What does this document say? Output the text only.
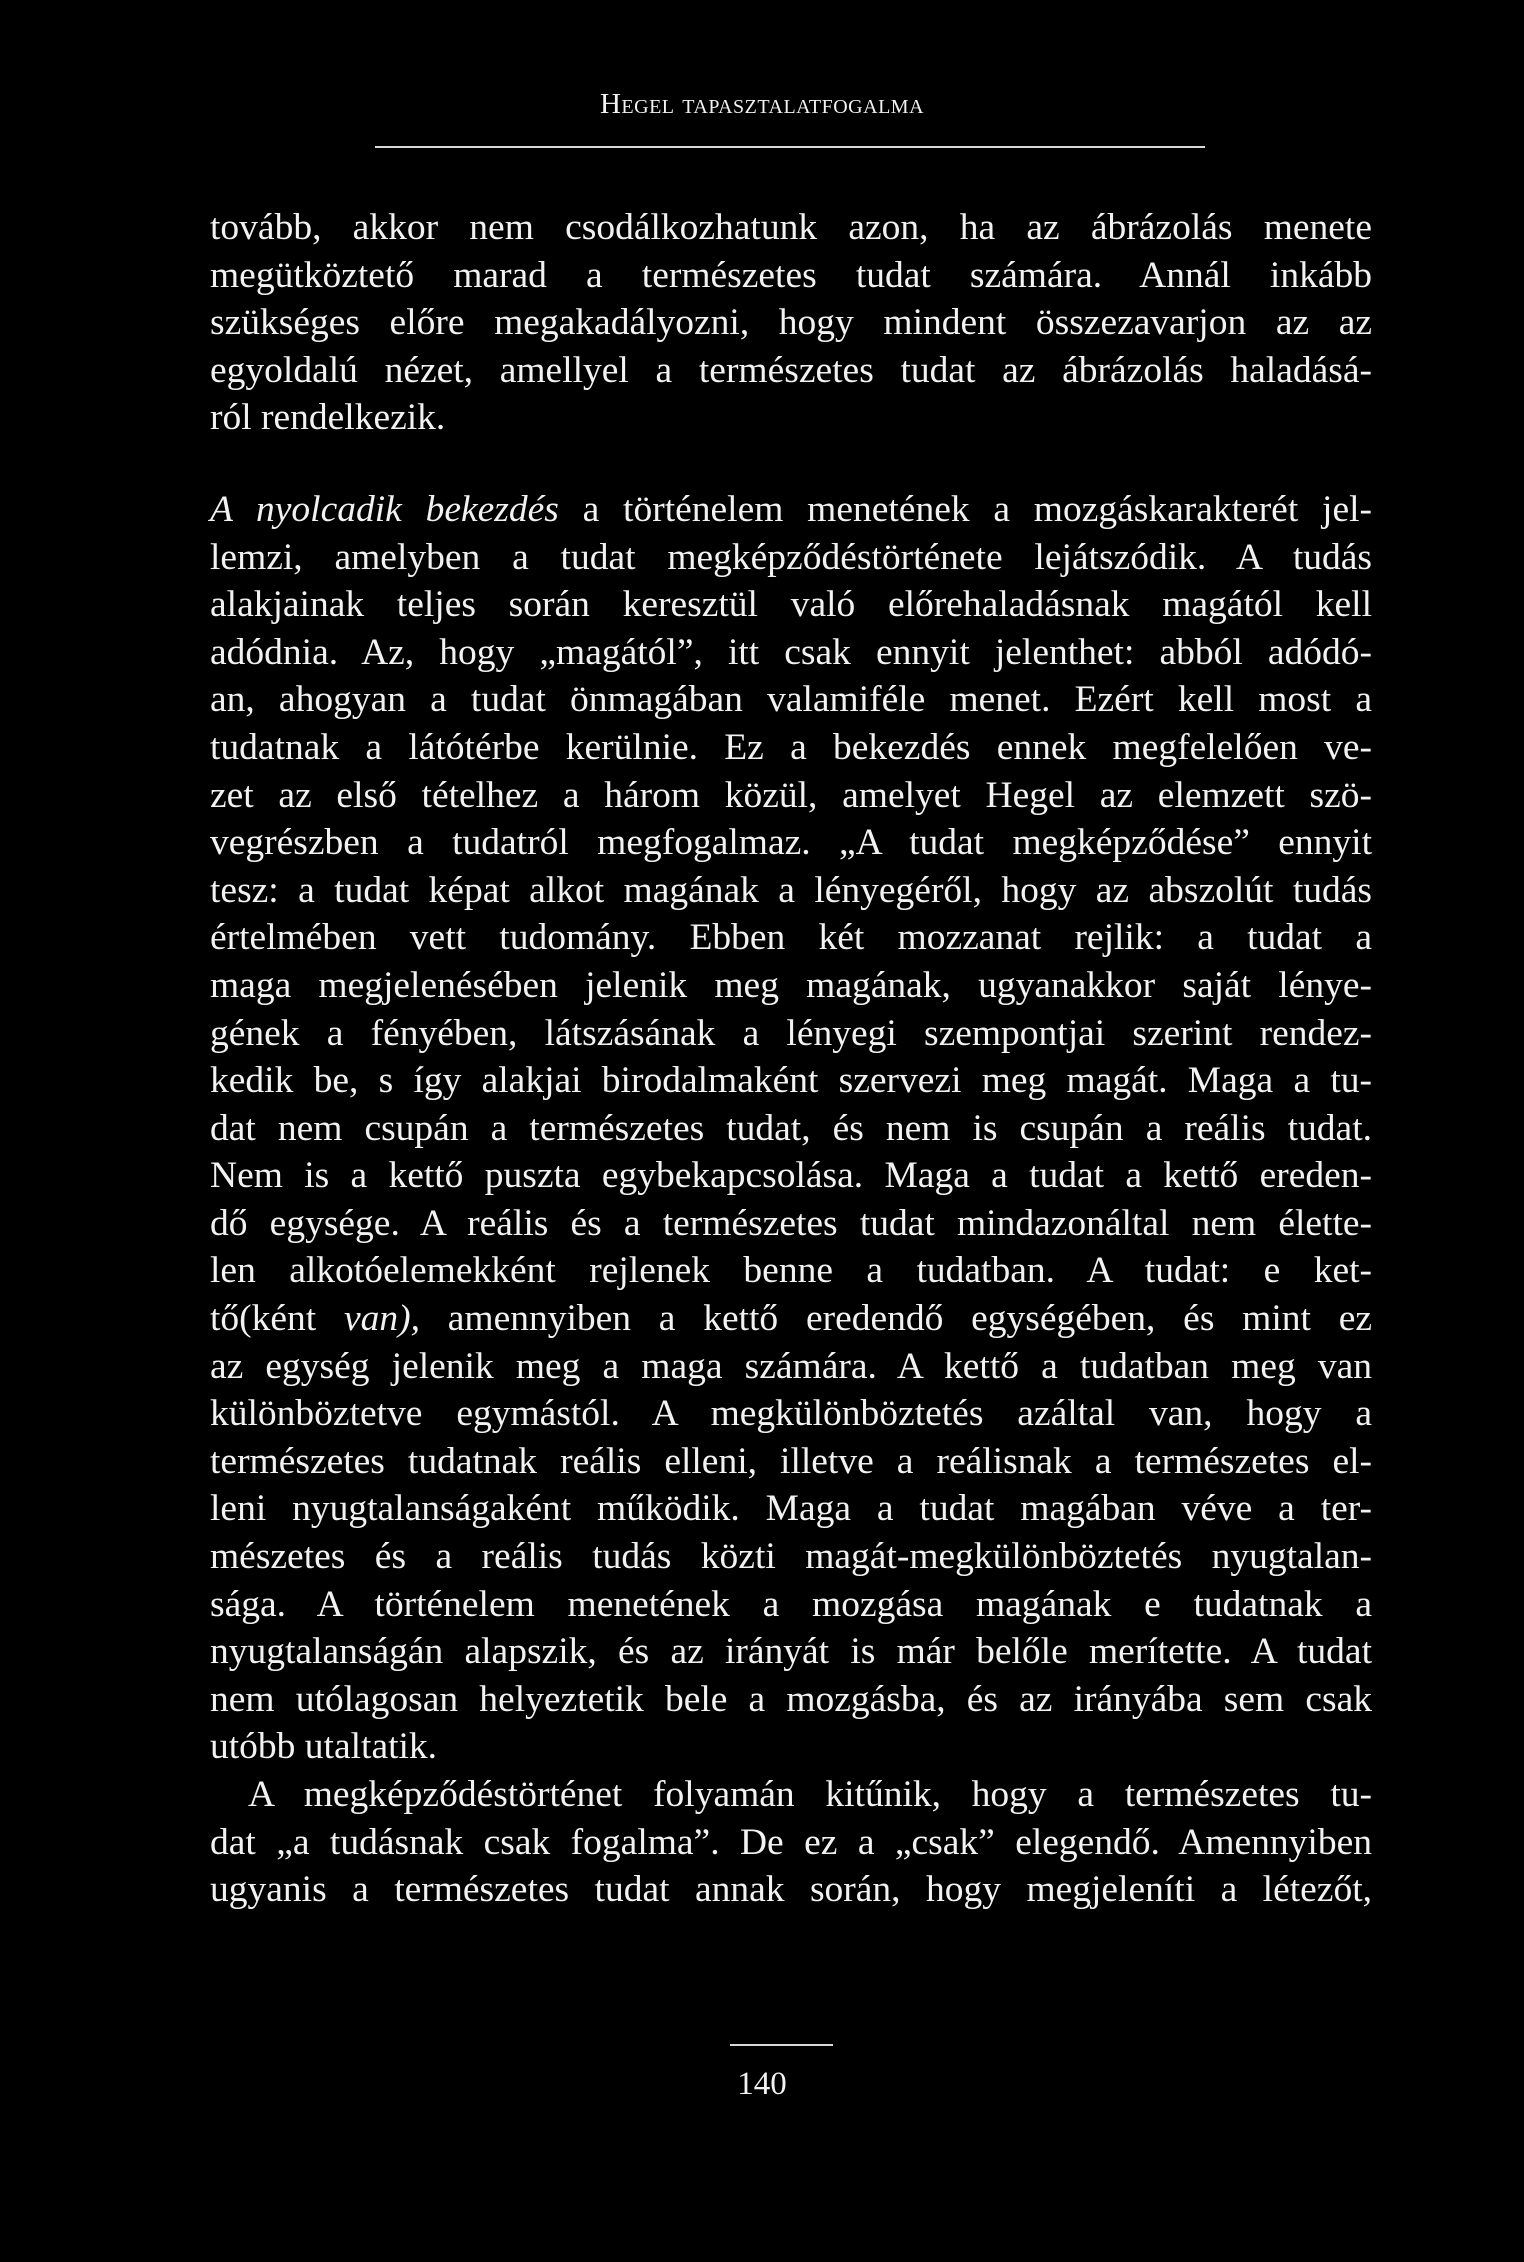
Hegel tapasztalatfogalma
tovább, akkor nem csodálkozhatunk azon, ha az ábrázolás menete
megütköztető marad a természetes tudat számára. Annál inkább
szükséges előre megakadályozni, hogy mindent összezavarjon az az
egyoldalú nézet, amellyel a természetes tudat az ábrázolás haladásá-
ról rendelkezik.
A nyolcadik bekezdés a történelem menetének a mozgáskarakterét jel-
lemzi, amelyben a tudat megképződéstörténete lejátszódik. A tudás
alakjainak teljes során keresztül való előrehaladásnak magától kell
adódnia. Az, hogy „magától”, itt csak ennyit jelenthet: abból adódó-
an, ahogyan a tudat önmagában valamiféle menet. Ezért kell most a
tudatnak a látótérbe kerülnie. Ez a bekezdés ennek megfelelően ve-
zet az első tételhez a három közül, amelyet Hegel az elemzett szö-
vegrészben a tudatról megfogalmaz. „A tudat megképződése” ennyit
tesz: a tudat képat alkot magának a lényegéről, hogy az abszolút tudás
értelmében vett tudomány. Ebben két mozzanat rejlik: a tudat a
maga megjelenésében jelenik meg magának, ugyanakkor saját lénye-
gének a fényében, látszásának a lényegi szempontjai szerint rendez-
kedik be, s így alakjai birodalmaként szervezi meg magát. Maga a tu-
dat nem csupán a természetes tudat, és nem is csupán a reális tudat.
Nem is a kettő puszta egybekapcsolása. Maga a tudat a kettő ereden-
dő egysége. A reális és a természetes tudat mindazonáltal nem élette-
len alkotóelemekként rejlenek benne a tudatban. A tudat: e ket-
tő(ként van), amennyiben a kettő eredendő egységében, és mint ez
az egység jelenik meg a maga számára. A kettő a tudatban meg van
különböztetve egymástól. A megkülönböztetés azáltal van, hogy a
természetes tudatnak reális elleni, illetve a reálisnak a természetes el-
leni nyugtalanságaként működik. Maga a tudat magában véve a ter-
mészetes és a reális tudás közti magát-megkülönböztetés nyugtalan-
sága. A történelem menetének a mozgása magának e tudatnak a
nyugtalanságán alapszik, és az irányát is már belőle merítette. A tudat
nem utólagosan helyeztetik bele a mozgásba, és az irányába sem csak
utóbb utaltatik.
A megképződéstörténet folyamán kitűnik, hogy a természetes tu-
dat „a tudásnak csak fogalma”. De ez a „csak” elegendő. Amennyiben
ugyanis a természetes tudat annak során, hogy megjeleníti a létezőt,
140
